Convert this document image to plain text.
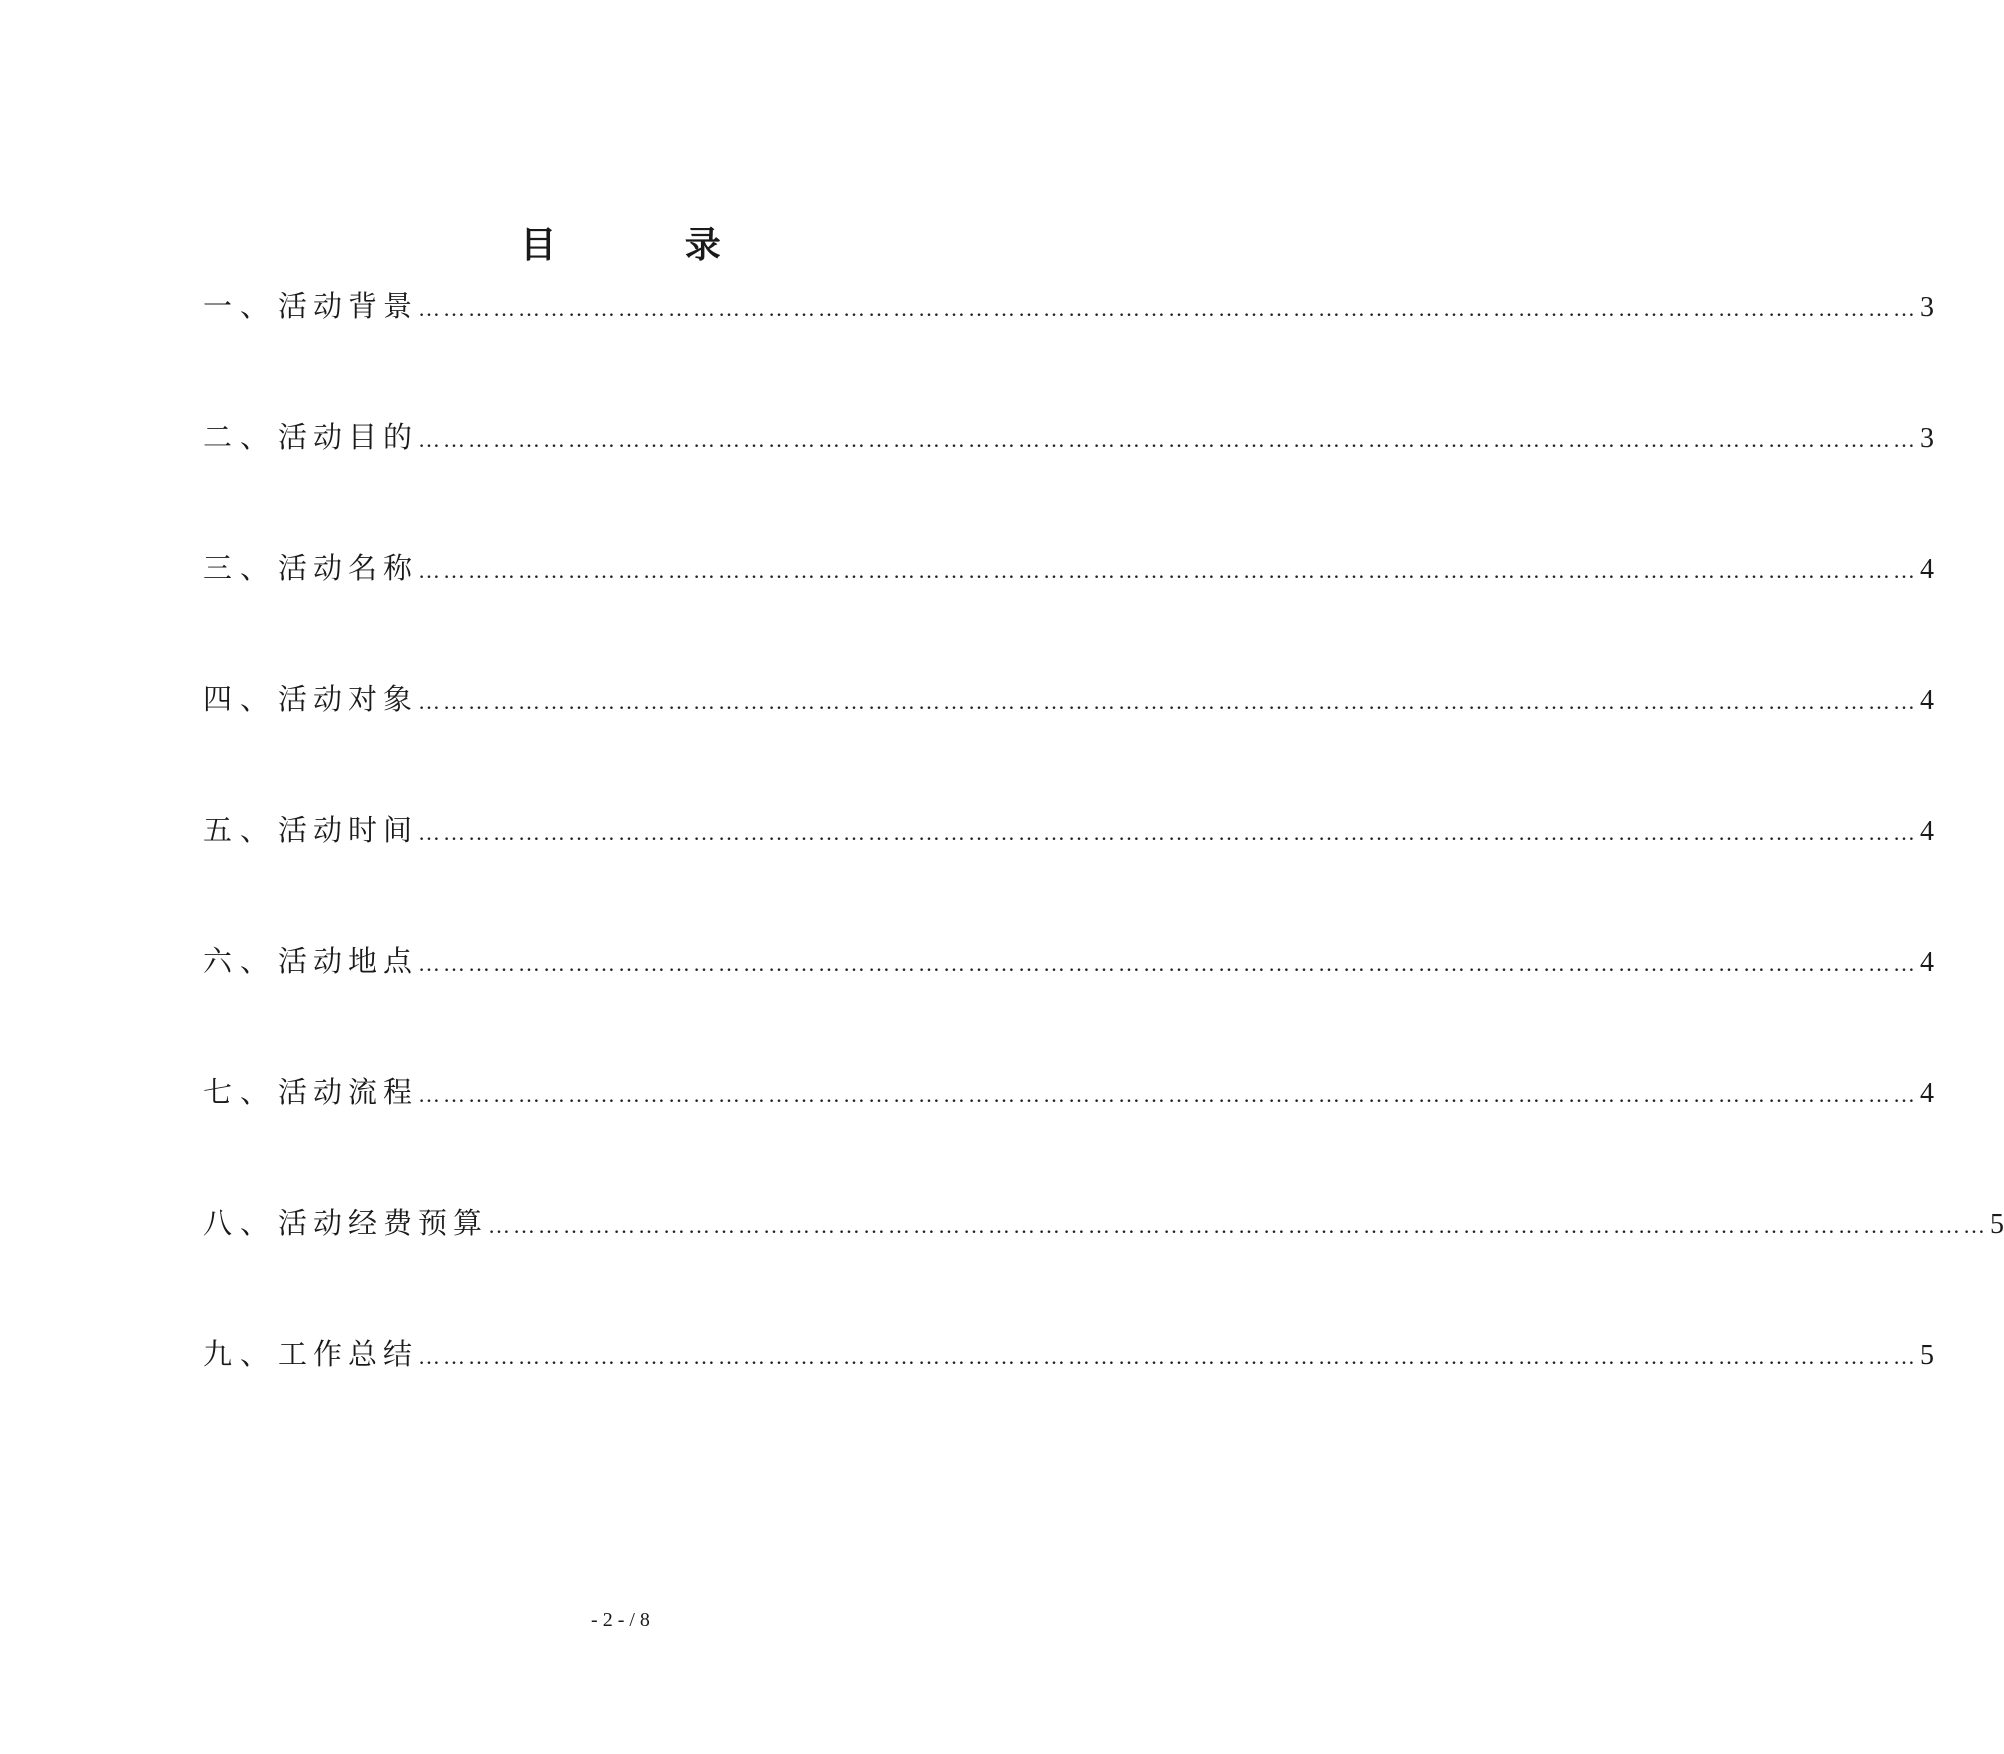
目 录
一、 活动背景 ……………………………………………………………………………………………………………………………………………………………… 3
二、 活动目的 ……………………………………………………………………………………………………………………………………………………………… 3
三、 活动名称 ……………………………………………………………………………………………………………………………………………………………… 4
四、 活动对象 ……………………………………………………………………………………………………………………………………………………………… 4
五、 活动时间 ……………………………………………………………………………………………………………………………………………………………… 4
六、 活动地点 ……………………………………………………………………………………………………………………………………………………………… 4
七、 活动流程 ……………………………………………………………………………………………………………………………………………………………… 4
八、 活动经费预算 ……………………………………………………………………………………………………………………………………………………………… 5
九、 工作总结 ……………………………………………………………………………………………………………………………………………………………… 5
- 2 - / 8
